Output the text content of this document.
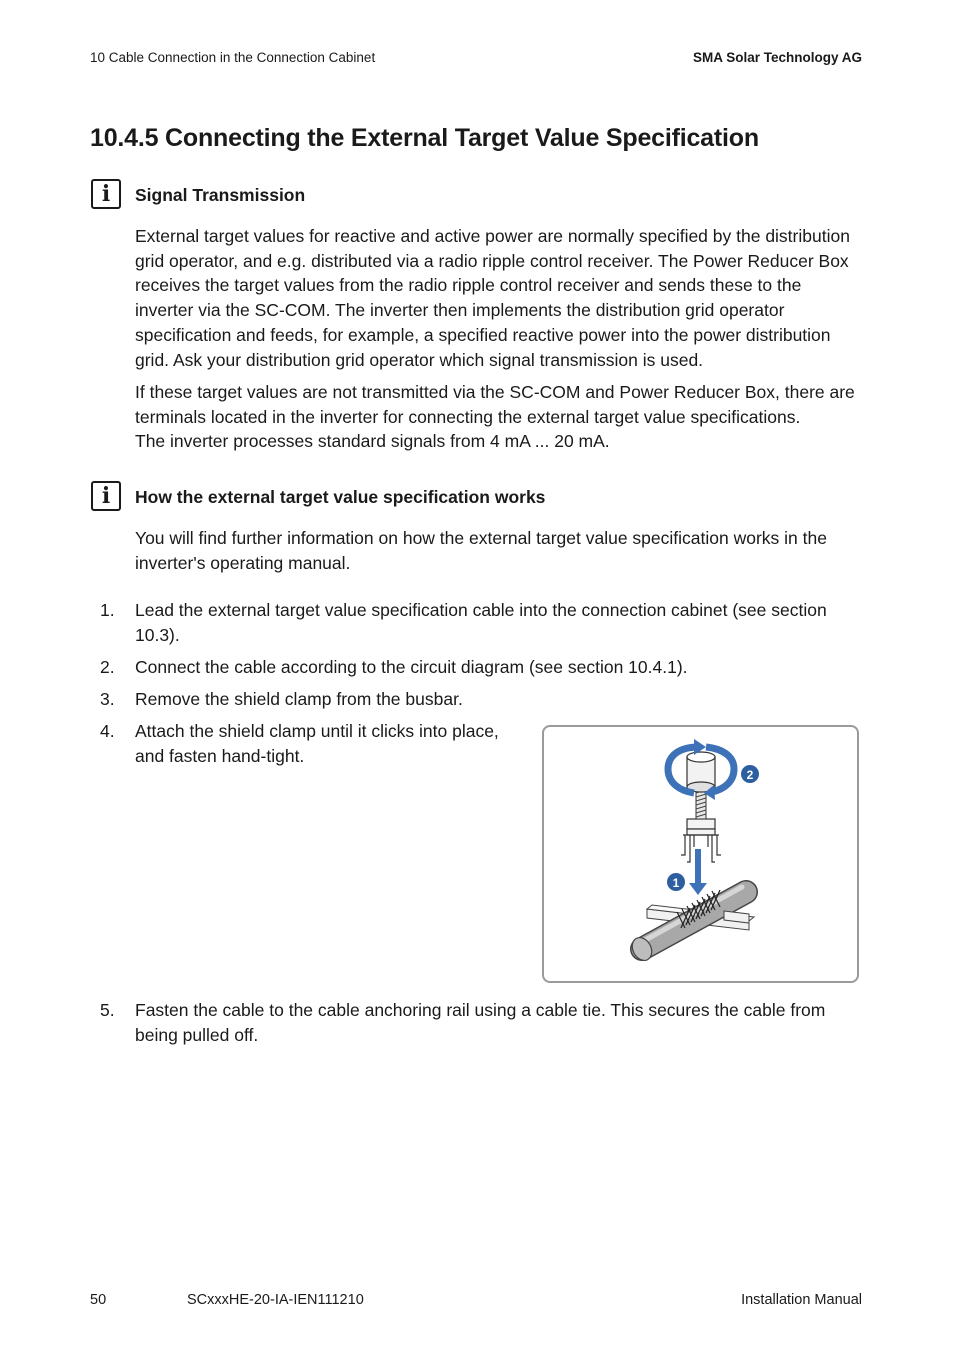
10 Cable Connection in the Connection Cabinet	SMA Solar Technology AG
10.4.5 Connecting the External Target Value Specification
i	Signal Transmission
External target values for reactive and active power are normally specified by the distribution grid operator, and e.g. distributed via a radio ripple control receiver. The Power Reducer Box receives the target values from the radio ripple control receiver and sends these to the inverter via the SC-COM. The inverter then implements the distribution grid operator specification and feeds, for example, a specified reactive power into the power distribution grid. Ask your distribution grid operator which signal transmission is used.
If these target values are not transmitted via the SC-COM and Power Reducer Box, there are terminals located in the inverter for connecting the external target value specifications.
The inverter processes standard signals from 4 mA ... 20 mA.
i	How the external target value specification works
You will find further information on how the external target value specification works in the inverter's operating manual.
1. Lead the external target value specification cable into the connection cabinet (see section 10.3).
2. Connect the cable according to the circuit diagram (see section 10.4.1).
3. Remove the shield clamp from the busbar.
4. Attach the shield clamp until it clicks into place, and fasten hand-tight.
1
2
5. Fasten the cable to the cable anchoring rail using a cable tie. This secures the cable from being pulled off.
50	SCxxxHE-20-IA-IEN111210	Installation Manual
